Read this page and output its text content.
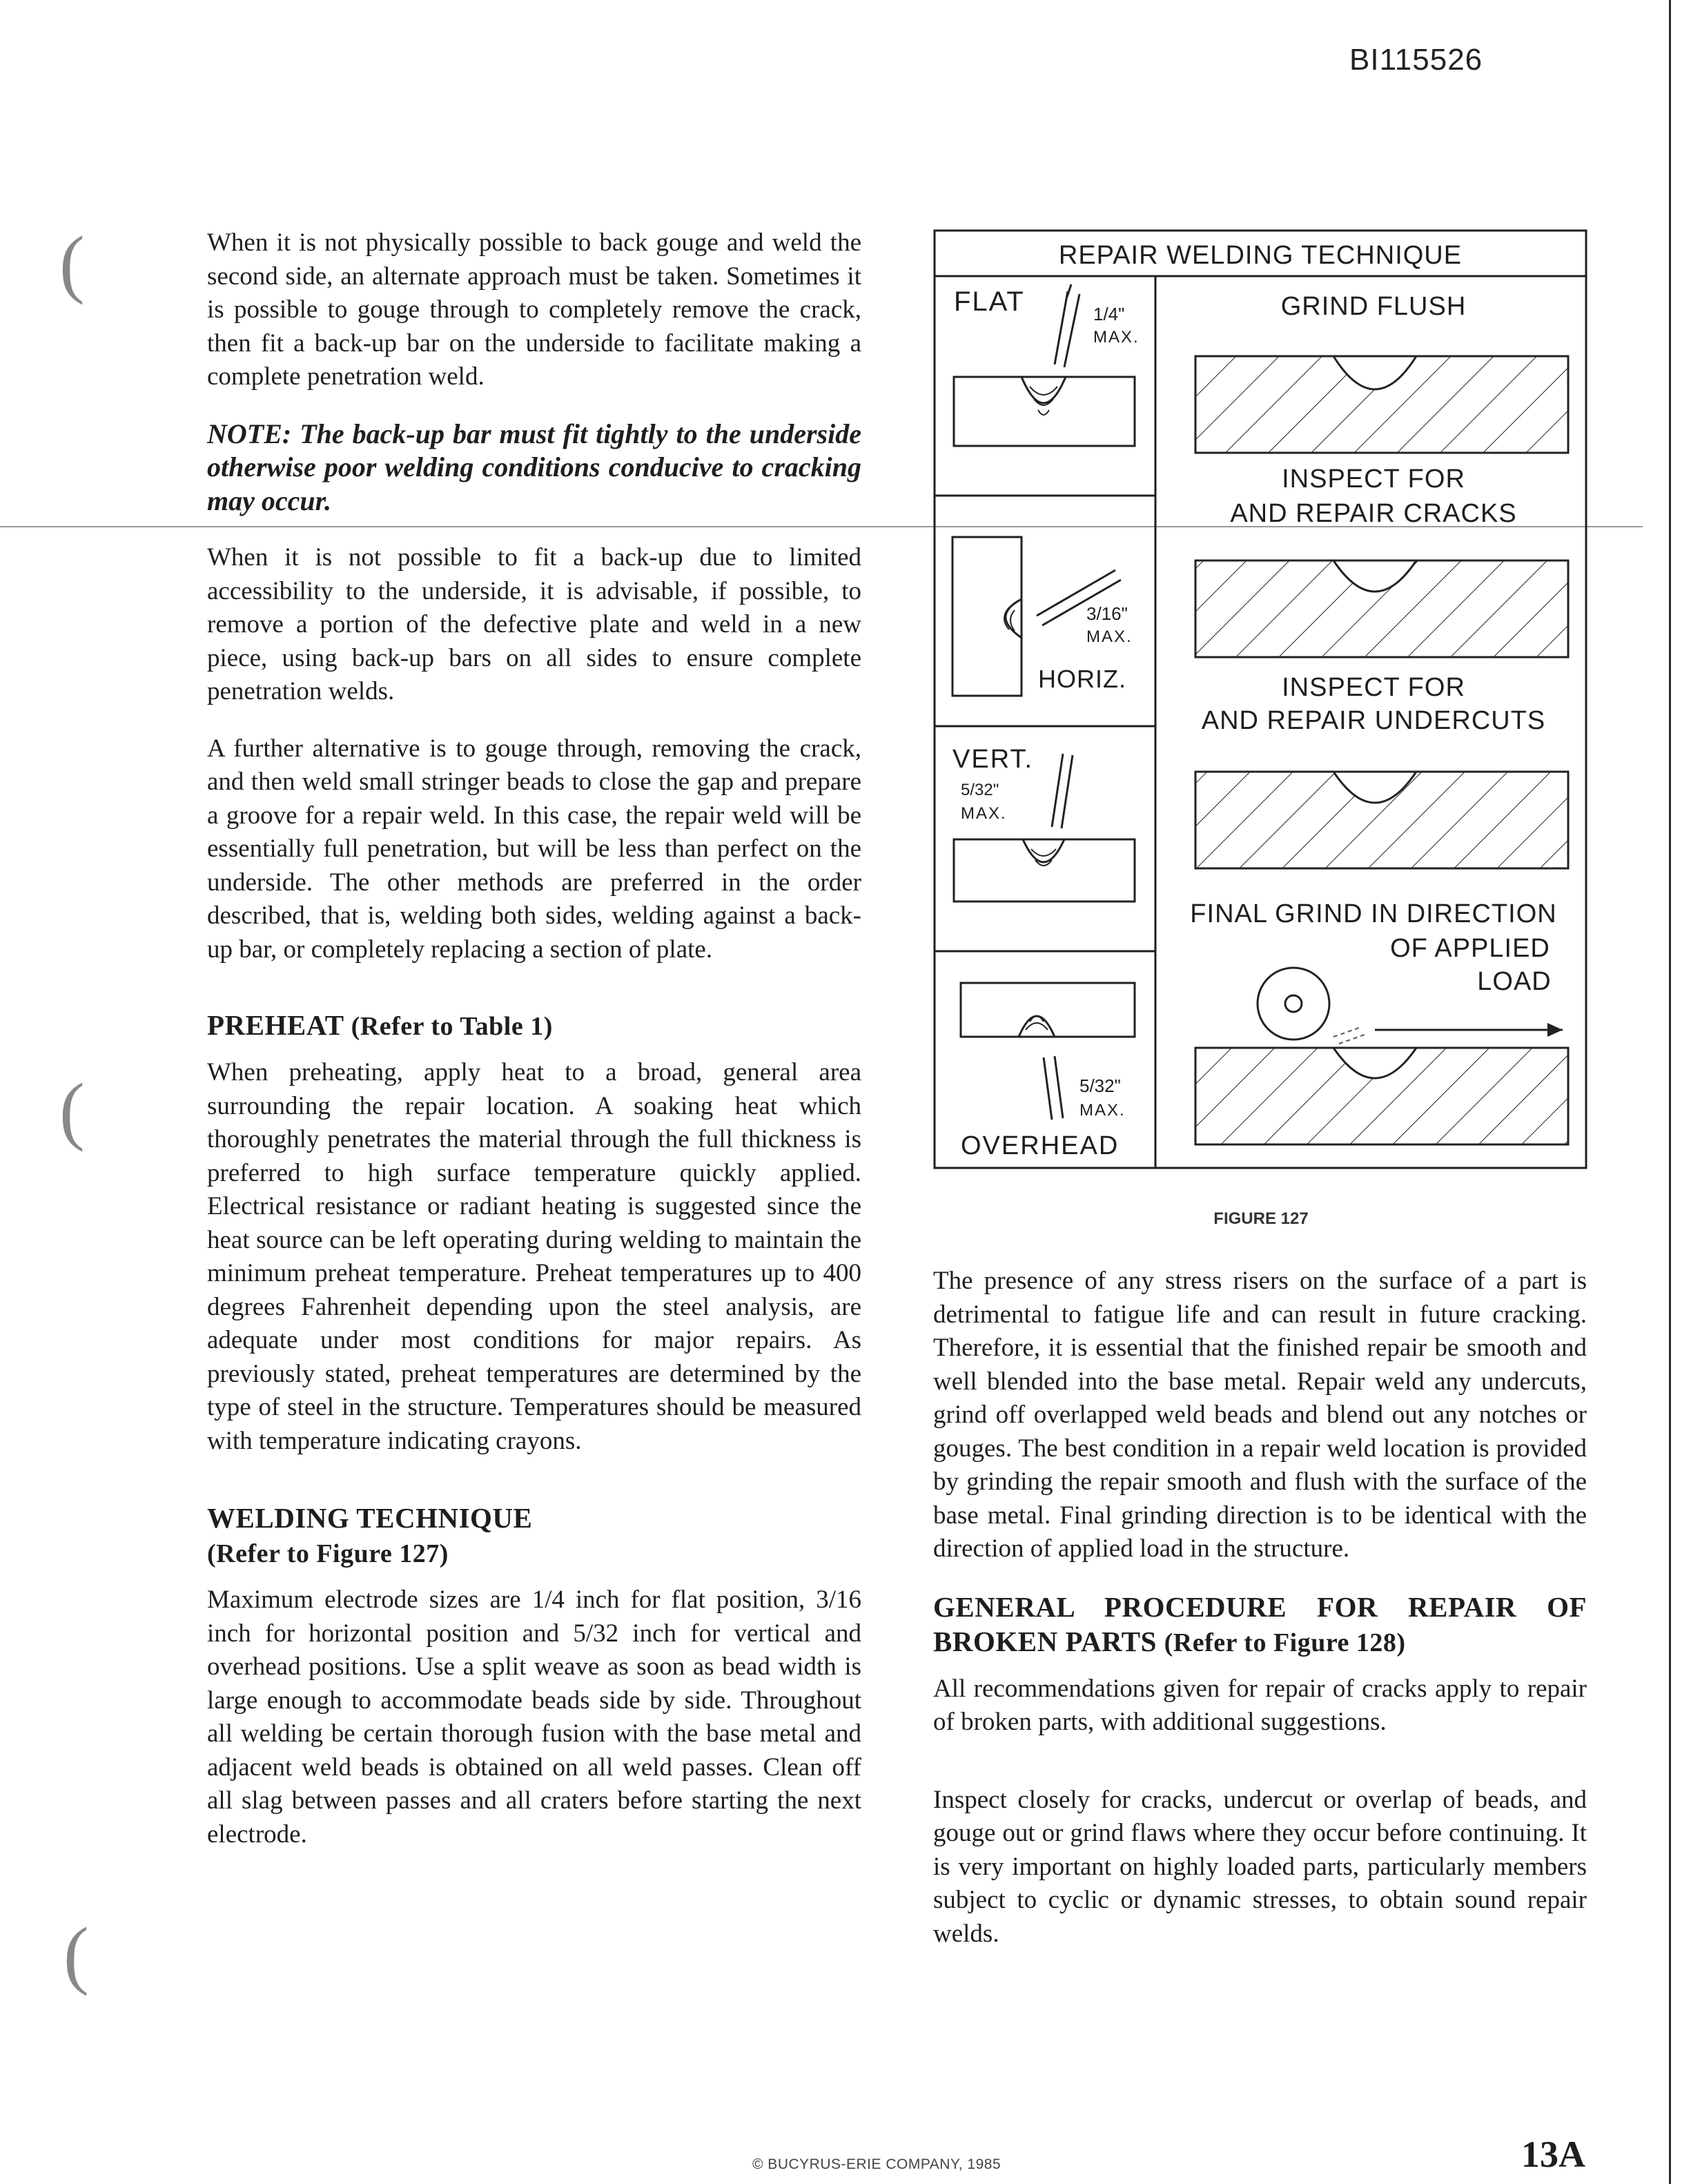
BI115526
(
(
(

When it is not physically possible to back gouge and weld the second side, an alternate approach must be taken. Sometimes it is possible to gouge through to completely remove the crack, then fit a back-up bar on the underside to facilitate making a complete penetration weld.

NOTE: The back-up bar must fit tightly to the underside otherwise poor welding conditions conducive to cracking may occur.

When it is not possible to fit a back-up due to limited accessibility to the underside, it is advisable, if possible, to remove a portion of the defective plate and weld in a new piece, using back-up bars on all sides to ensure complete penetration welds.

A further alternative is to gouge through, removing the crack, and then weld small stringer beads to close the gap and prepare a groove for a repair weld. In this case, the repair weld will be essentially full penetration, but will be less than perfect on the underside. The other methods are preferred in the order described, that is, welding both sides, welding against a back-up bar, or completely replacing a section of plate.

PREHEAT (Refer to Table 1)

When preheating, apply heat to a broad, general area surrounding the repair location. A soaking heat which thoroughly penetrates the material through the full thickness is preferred to high surface temperature quickly applied. Electrical resistance or radiant heating is suggested since the heat source can be left operating during welding to maintain the minimum preheat temperature. Preheat temperatures up to 400 degrees Fahrenheit depending upon the steel analysis, are adequate under most conditions for major repairs. As previously stated, preheat temperatures are determined by the type of steel in the structure. Temperatures should be measured with temperature indicating crayons.

WELDING TECHNIQUE
(Refer to Figure 127)

Maximum electrode sizes are 1/4 inch for flat position, 3/16 inch for horizontal position and 5/32 inch for vertical and overhead positions. Use a split weave as soon as bead width is large enough to accommodate beads side by side. Throughout all welding be certain thorough fusion with the base metal and adjacent weld beads is obtained on all weld passes. Clean off all slag between passes and all craters before starting the next electrode.

REPAIR WELDING TECHNIQUE
FLAT	1/4"
MAX.
3/16"
MAX.
HORIZ.
VERT.
5/32"
MAX.
5/32"
MAX.
OVERHEAD
GRIND FLUSH
INSPECT FOR
AND REPAIR CRACKS
INSPECT FOR
AND REPAIR UNDERCUTS
FINAL GRIND IN DIRECTION
OF APPLIED
LOAD
FIGURE 127

The presence of any stress risers on the surface of a part is detrimental to fatigue life and can result in future cracking. Therefore, it is essential that the finished repair be smooth and well blended into the base metal. Repair weld any undercuts, grind off overlapped weld beads and blend out any notches or gouges. The best condition in a repair weld location is provided by grinding the repair smooth and flush with the surface of the base metal. Final grinding direction is to be identical with the direction of applied load in the structure.

GENERAL PROCEDURE FOR REPAIR OF BROKEN PARTS (Refer to Figure 128)

All recommendations given for repair of cracks apply to repair of broken parts, with additional suggestions.

Inspect closely for cracks, undercut or overlap of beads, and gouge out or grind flaws where they occur before continuing. It is very important on highly loaded parts, particularly members subject to cyclic or dynamic stresses, to obtain sound repair welds.

© BUCYRUS-ERIE COMPANY, 1985	13A
